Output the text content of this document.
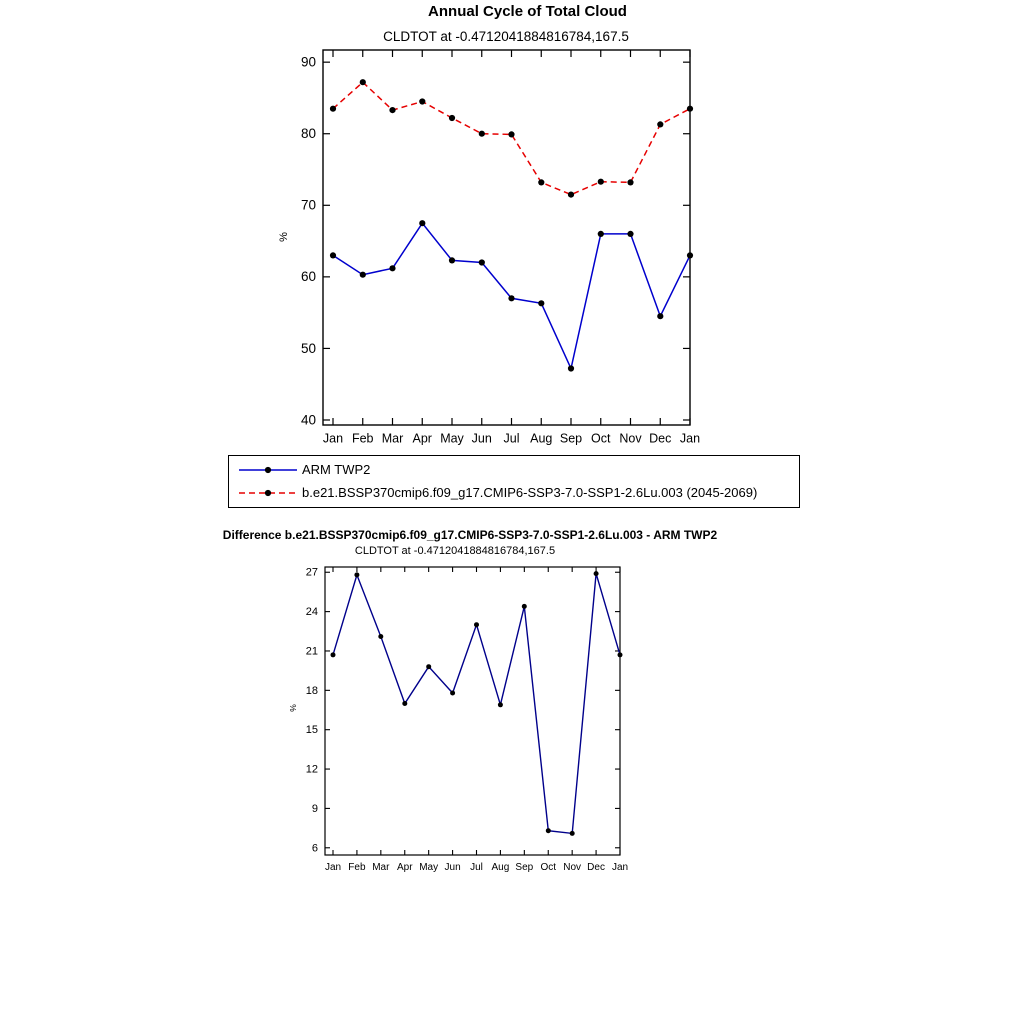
Annual Cycle of Total Cloud
CLDTOT at -0.4712041884816784,167.5
40
50
60
70
80
90
Jan Feb Mar Apr May Jun Jul Aug Sep Oct Nov Dec Jan
%
ARM TWP2
b.e21.BSSP370cmip6.f09_g17.CMIP6-SSP3-7.0-SSP1-2.6Lu.003 (2045-2069)
Difference b.e21.BSSP370cmip6.f09_g17.CMIP6-SSP3-7.0-SSP1-2.6Lu.003 - ARM TWP2
CLDTOT at -0.4712041884816784,167.5
6
9
12
15
18
21
24
27
Jan Feb Mar Apr May Jun Jul Aug Sep Oct Nov Dec Jan
%
